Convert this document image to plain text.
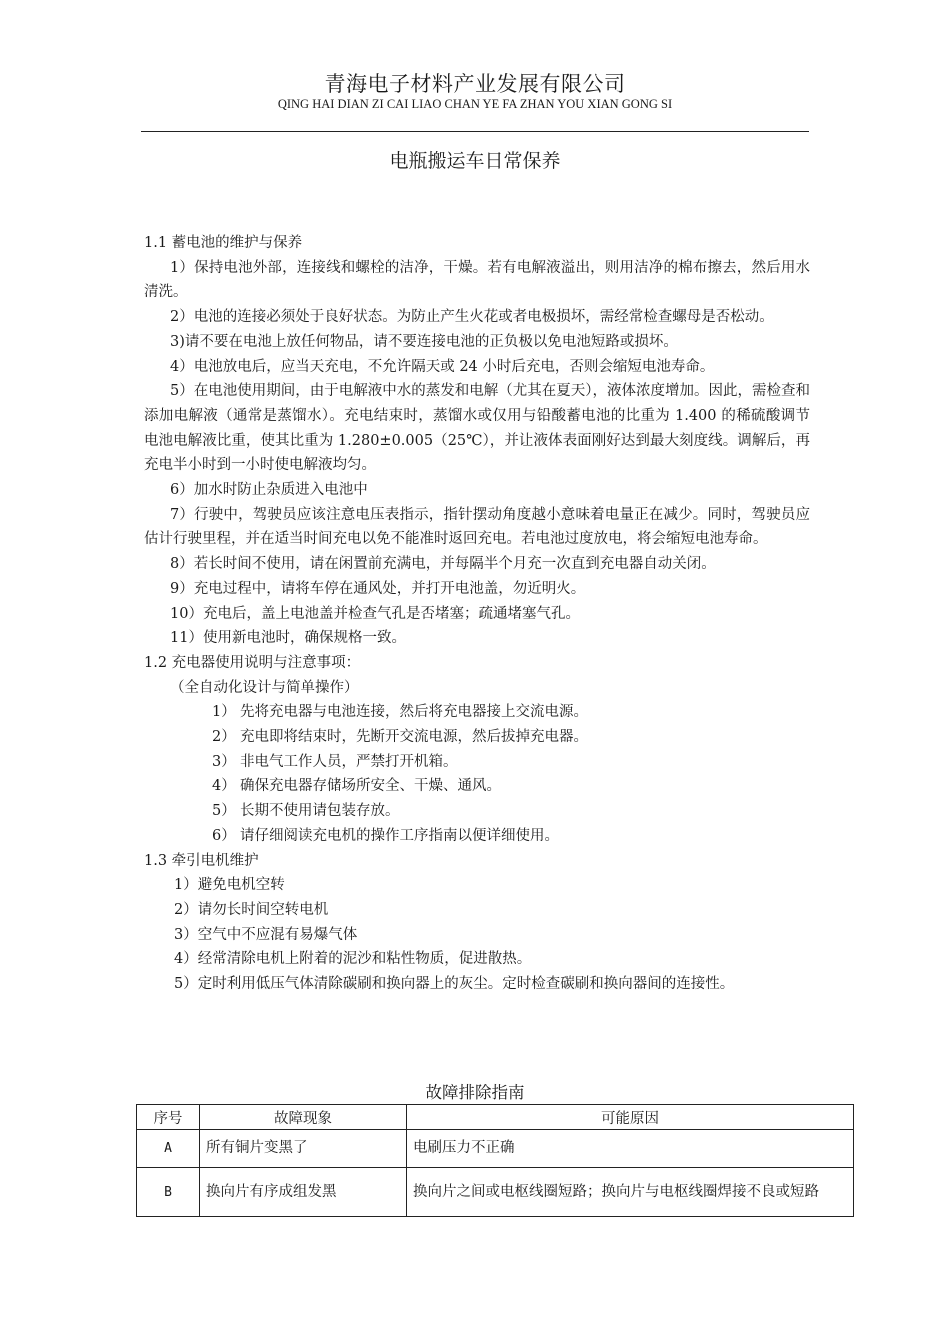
青海电子材料产业发展有限公司
QING HAI DIAN ZI CAI LIAO CHAN YE FA ZHAN YOU XIAN GONG SI
电瓶搬运车日常保养

1.1 蓄电池的维护与保养

1）保持电池外部，连接线和螺栓的洁净，干燥。若有电解液溢出，则用洁净的棉布擦去，然后用水清洗。

2）电池的连接必须处于良好状态。为防止产生火花或者电极损坏，需经常检查螺母是否松动。

3)请不要在电池上放任何物品，请不要连接电池的正负极以免电池短路或损坏。

4）电池放电后，应当天充电，不允许隔天或 24 小时后充电，否则会缩短电池寿命。

5）在电池使用期间，由于电解液中水的蒸发和电解（尤其在夏天），液体浓度增加。因此，需检查和添加电解液（通常是蒸馏水）。充电结束时，蒸馏水或仅用与铅酸蓄电池的比重为 1.400 的稀硫酸调节电池电解液比重，使其比重为 1.280±0.005（25℃），并让液体表面刚好达到最大刻度线。调解后，再充电半小时到一小时使电解液均匀。

6）加水时防止杂质进入电池中

7）行驶中，驾驶员应该注意电压表指示，指针摆动角度越小意味着电量正在减少。同时，驾驶员应估计行驶里程，并在适当时间充电以免不能准时返回充电。若电池过度放电，将会缩短电池寿命。

8）若长时间不使用，请在闲置前充满电，并每隔半个月充一次直到充电器自动关闭。

9）充电过程中，请将车停在通风处，并打开电池盖，勿近明火。

10）充电后，盖上电池盖并检查气孔是否堵塞；疏通堵塞气孔。

11）使用新电池时，确保规格一致。

1.2 充电器使用说明与注意事项：

（全自动化设计与简单操作）

1） 先将充电器与电池连接，然后将充电器接上交流电源。

2） 充电即将结束时，先断开交流电源，然后拔掉充电器。

3） 非电气工作人员，严禁打开机箱。

4） 确保充电器存储场所安全、干燥、通风。

5） 长期不使用请包装存放。

6） 请仔细阅读充电机的操作工序指南以便详细使用。

1.3 牵引电机维护

1）避免电机空转

2）请勿长时间空转电机

3）空气中不应混有易爆气体

4）经常清除电机上附着的泥沙和粘性物质，促进散热。

5）定时利用低压气体清除碳刷和换向器上的灰尘。定时检查碳刷和换向器间的连接性。

故障排除指南
序号	故障现象	可能原因
A	所有铜片变黑了	电刷压力不正确
B	换向片有序成组发黑	换向片之间或电枢线圈短路；换向片与电枢线圈焊接不良或短路
